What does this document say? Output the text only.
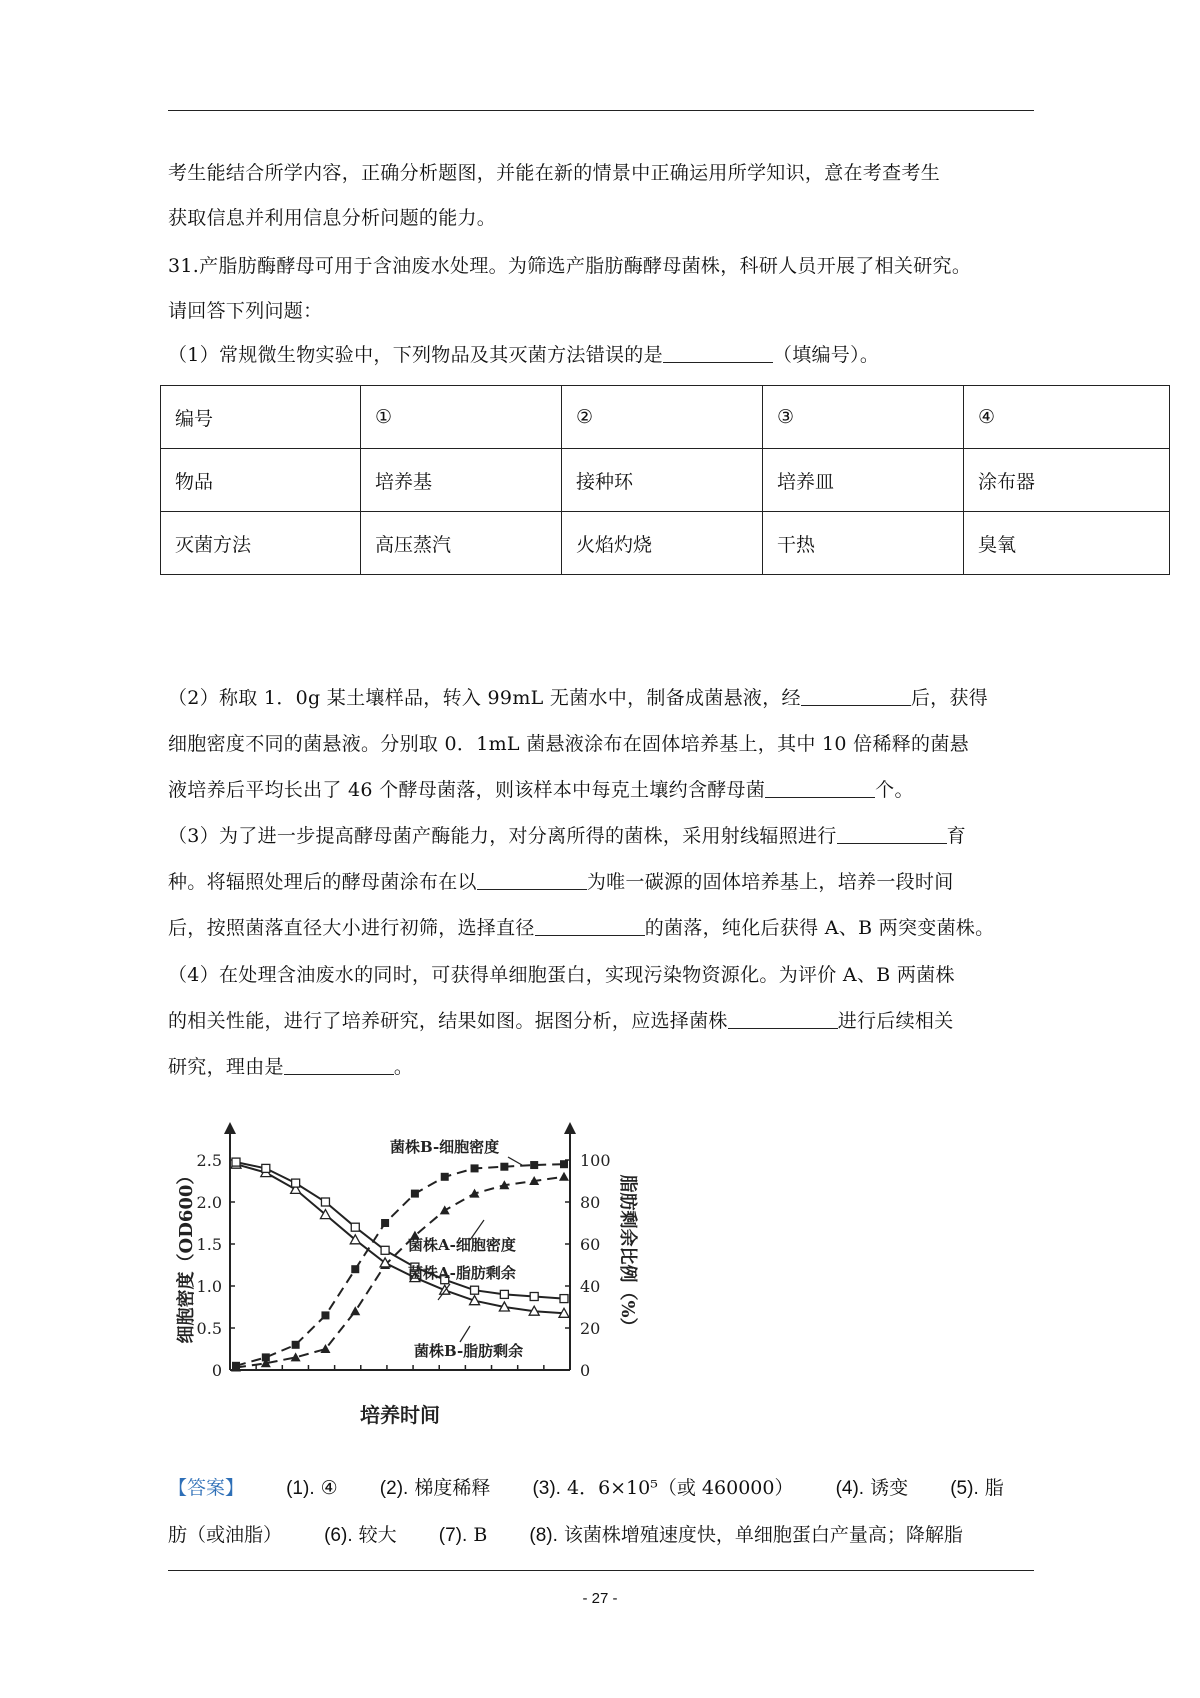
考生能结合所学内容，正确分析题图，并能在新的情景中正确运用所学知识，意在考查考生
获取信息并利用信息分析问题的能力。
31.产脂肪酶酵母可用于含油废水处理。为筛选产脂肪酶酵母菌株，科研人员开展了相关研究。
请回答下列问题：
（1）常规微生物实验中，下列物品及其灭菌方法错误的是	（填编号）。
编号	①	②	③	④
物品	培养基	接种环	培养皿	涂布器
灭菌方法	高压蒸汽	火焰灼烧	干热	臭氧
（2）称取 1．0g 某土壤样品，转入 99mL 无菌水中，制备成菌悬液，经	后，获得
细胞密度不同的菌悬液。分别取 0．1mL 菌悬液涂布在固体培养基上，其中 10 倍稀释的菌悬
液培养后平均长出了 46 个酵母菌落，则该样本中每克土壤约含酵母菌	个。
（3）为了进一步提高酵母菌产酶能力，对分离所得的菌株，采用射线辐照进行	育
种。将辐照处理后的酵母菌涂布在以	为唯一碳源的固体培养基上，培养一段时间
后，按照菌落直径大小进行初筛，选择直径	的菌落，纯化后获得 A、B 两突变菌株。
（4）在处理含油废水的同时，可获得单细胞蛋白，实现污染物资源化。为评价 A、B 两菌株
的相关性能，进行了培养研究，结果如图。据图分析，应选择菌株	进行后续相关
研究，理由是	。
0
0.5
1.0
1.5
2.0
2.5
0
20
40
60
80
100
培养时间
细胞密度（OD600）	脂肪剩余比例（%）
菌株B-细胞密度
菌株A-细胞密度
菌株A-脂肪剩余
菌株B-脂肪剩余
【答案】 (1). ④ (2). 梯度稀释 (3). 4．6×10⁵（或 460000） (4). 诱变 (5). 脂
肪（或油脂） (6). 较大 (7). B (8). 该菌株增殖速度快，单细胞蛋白产量高；降解脂
- 27 -
